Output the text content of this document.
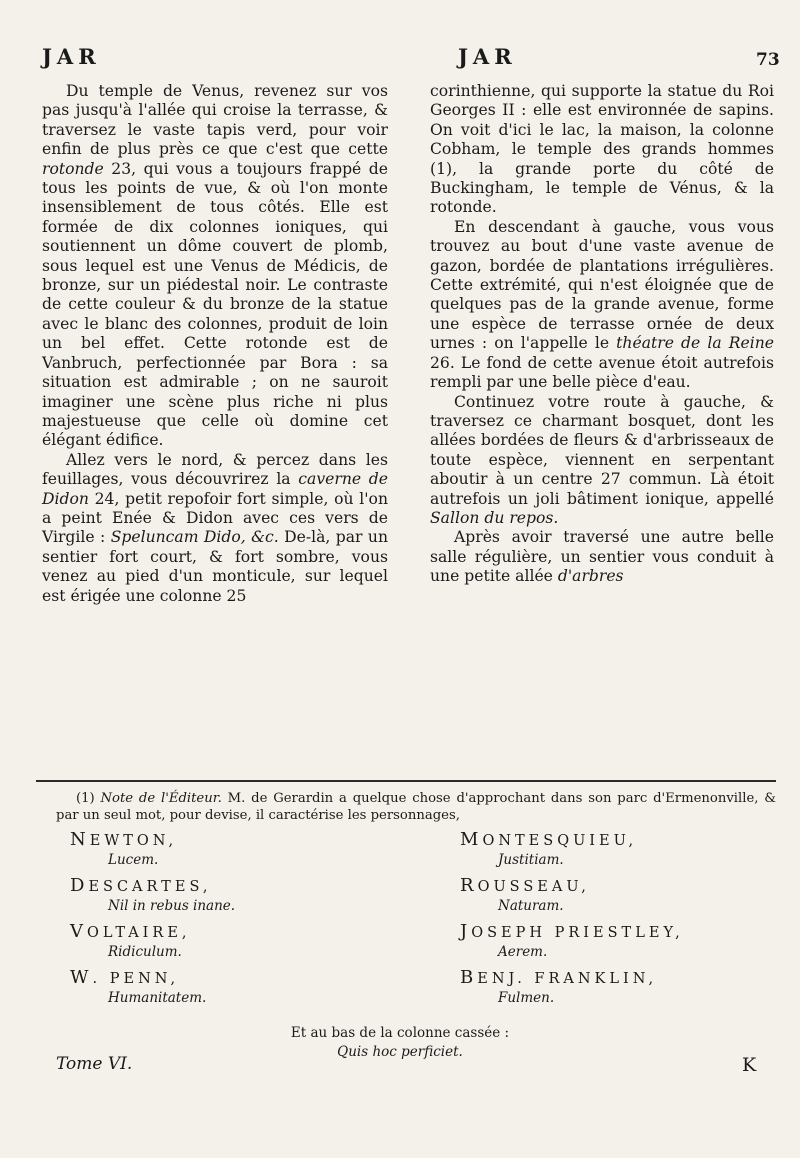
JAR	JAR	73

Du temple de Venus, revenez sur vos pas jusqu'à l'allée qui croise la terrasse, & traversez le vaste tapis verd, pour voir enfin de plus près ce que c'est que cette rotonde 23, qui vous a toujours frappé de tous les points de vue, & où l'on monte insensiblement de tous côtés. Elle est formée de dix colonnes ioniques, qui soutiennent un dôme couvert de plomb, sous lequel est une Venus de Médicis, de bronze, sur un piédestal noir. Le contraste de cette couleur & du bronze de la statue avec le blanc des colonnes, produit de loin un bel effet. Cette rotonde est de Vanbruch, perfectionnée par Bora : sa situation est admirable ; on ne sauroit imaginer une scène plus riche ni plus majestueuse que celle où domine cet élégant édifice.

Allez vers le nord, & percez dans les feuillages, vous découvrirez la caverne de Didon 24, petit repofoir fort simple, où l'on a peint Enée & Didon avec ces vers de Virgile : Speluncam Dido, &c. De-là, par un sentier fort court, & fort sombre, vous venez au pied d'un monticule, sur lequel est érigée une colonne 25

corinthienne, qui supporte la statue du Roi Georges II : elle est environnée de sapins. On voit d'ici le lac, la maison, la colonne Cobham, le temple des grands hommes (1), la grande porte du côté de Buckingham, le temple de Vénus, & la rotonde.

En descendant à gauche, vous vous trouvez au bout d'une vaste avenue de gazon, bordée de plantations irrégulières. Cette extrémité, qui n'est éloignée que de quelques pas de la grande avenue, forme une espèce de terrasse ornée de deux urnes : on l'appelle le théatre de la Reine 26. Le fond de cette avenue étoit autrefois rempli par une belle pièce d'eau.

Continuez votre route à gauche, & traversez ce charmant bosquet, dont les allées bordées de fleurs & d'arbrisseaux de toute espèce, viennent en serpentant aboutir à un centre 27 commun. Là étoit autrefois un joli bâtiment ionique, appellé Sallon du repos.

Après avoir traversé une autre belle salle régulière, un sentier vous conduit à une petite allée d'arbres

(1) Note de l'Éditeur. M. de Gerardin a quelque chose d'approchant dans son parc d'Ermenonville, & par un seul mot, pour devise, il caractérise les personnages,

NEWTON,
Lucem.
DESCARTES,
Nil in rebus inane.
VOLTAIRE,
Ridiculum.
W. PENN,
Humanitatem.
MONTESQUIEU,
Justitiam.
ROUSSEAU,
Naturam.
JOSEPH PRIESTLEY,
Aerem.
BENJ. FRANKLIN,
Fulmen.
Et au bas de la colonne cassée :
Quis hoc perficiet.
Tome VI.	K
